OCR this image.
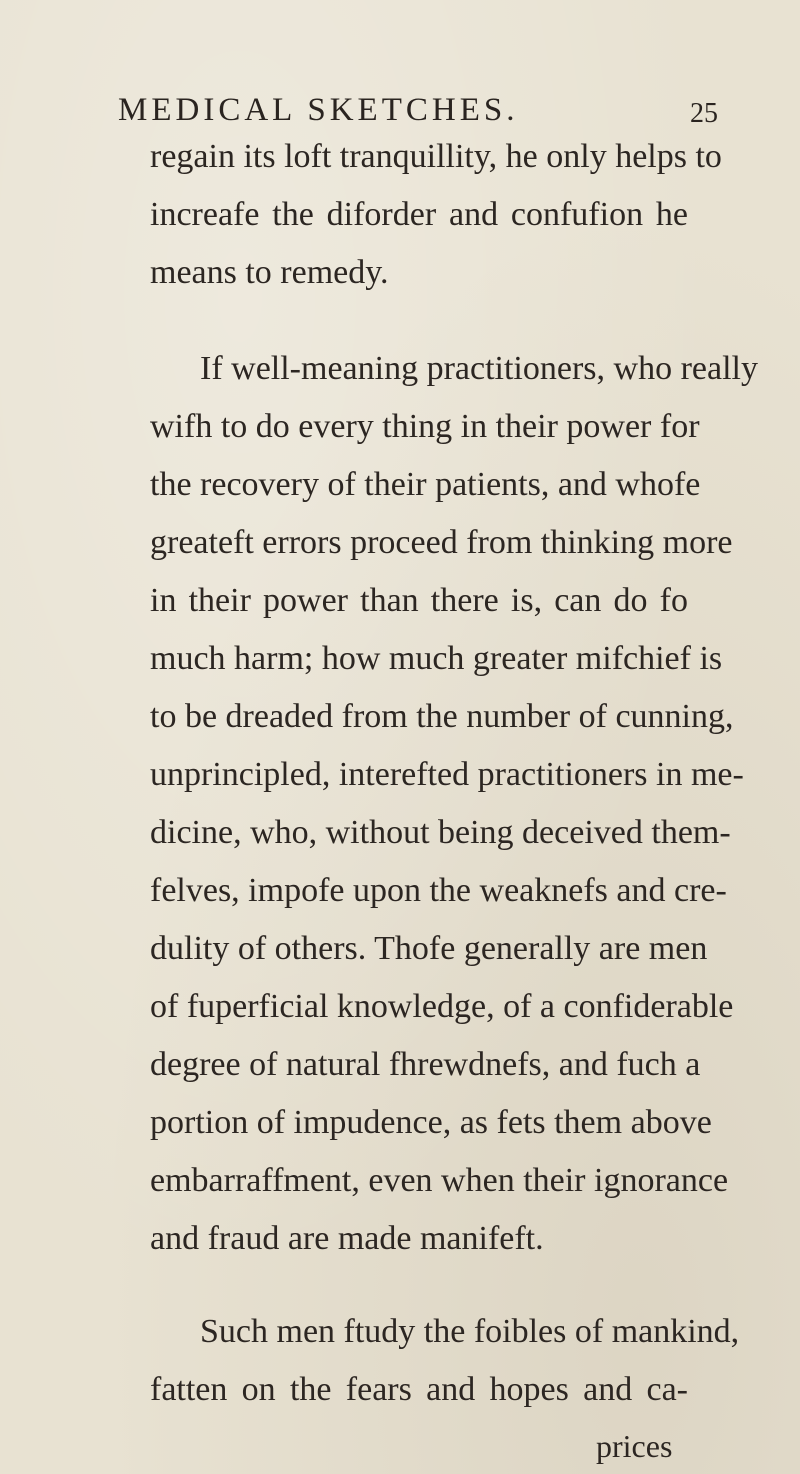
MEDICAL SKETCHES.	25
regain its loft tranquillity, he only helps to
increafe the diforder and confufion he
means to remedy.
If well-meaning practitioners, who really
wifh to do every thing in their power for
the recovery of their patients, and whofe
greateft errors proceed from thinking more
in their power than there is, can do fo
much harm; how much greater mifchief is
to be dreaded from the number of cunning,
unprincipled, interefted practitioners in me-
dicine, who, without being deceived them-
felves, impofe upon the weaknefs and cre-
dulity of others. Thofe generally are men
of fuperficial knowledge, of a confiderable
degree of natural fhrewdnefs, and fuch a
portion of impudence, as fets them above
embarraffment, even when their ignorance
and fraud are made manifeft.
Such men ftudy the foibles of mankind,
fatten on the fears and hopes and ca-
prices
